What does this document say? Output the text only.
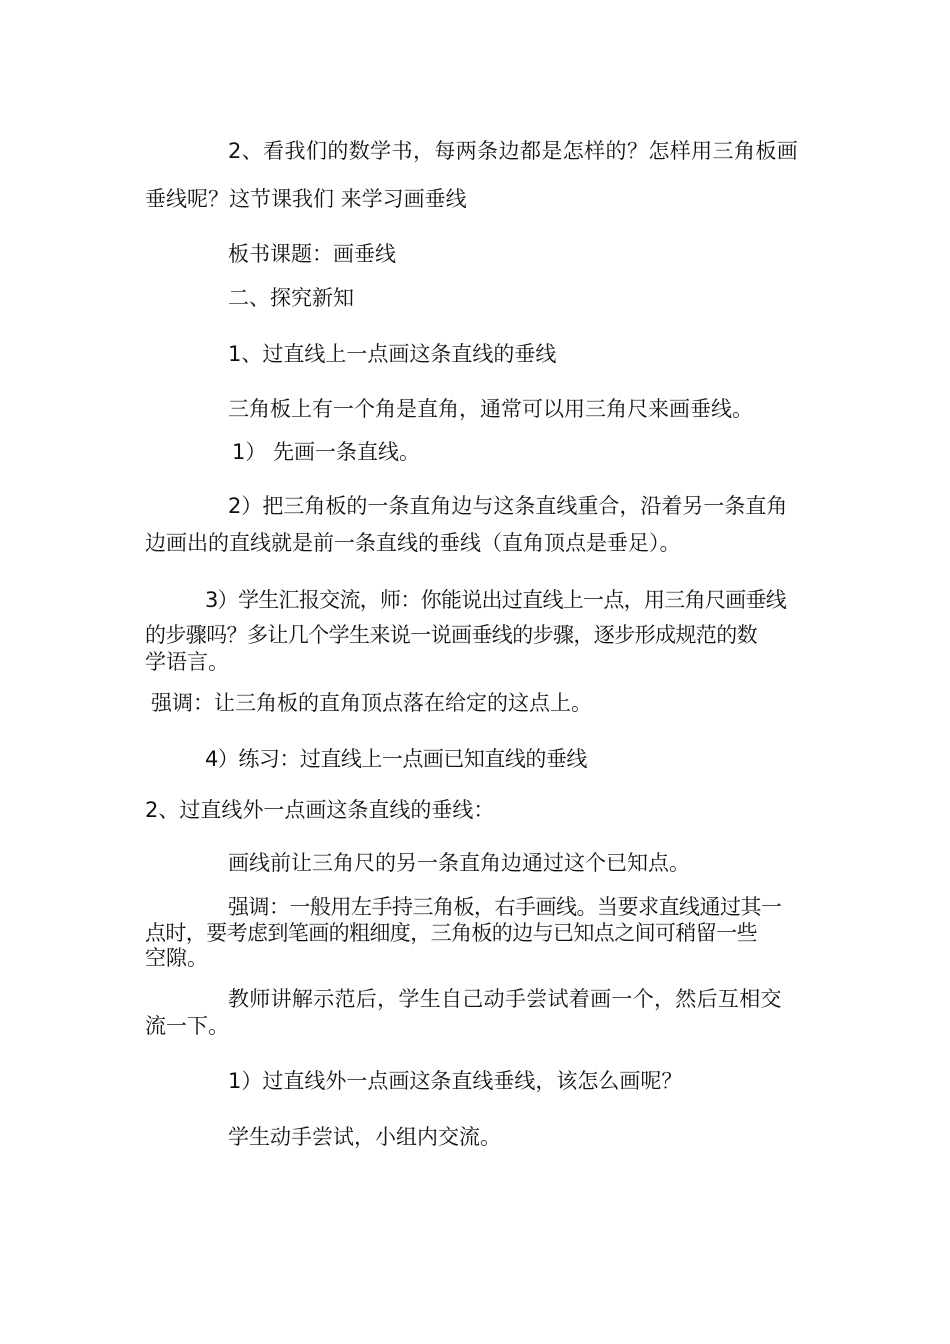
2、看我们的数学书，每两条边都是怎样的？怎样用三角板画

垂线呢？这节课我们 来学习画垂线

板书课题：画垂线

二、探究新知

1、过直线上一点画这条直线的垂线

三角板上有一个角是直角，通常可以用三角尺来画垂线。

1） 先画一条直线。

2）把三角板的一条直角边与这条直线重合，沿着另一条直角

边画出的直线就是前一条直线的垂线（直角顶点是垂足）。

3）学生汇报交流，师：你能说出过直线上一点，用三角尺画垂线

的步骤吗？多让几个学生来说一说画垂线的步骤，逐步形成规范的数

学语言。

强调：让三角板的直角顶点落在给定的这点上。

4）练习：过直线上一点画已知直线的垂线

2、过直线外一点画这条直线的垂线：

画线前让三角尺的另一条直角边通过这个已知点。

强调：一般用左手持三角板，右手画线。当要求直线通过其一

点时，要考虑到笔画的粗细度，三角板的边与已知点之间可稍留一些

空隙。

教师讲解示范后，学生自己动手尝试着画一个，然后互相交

流一下。

1）过直线外一点画这条直线垂线，该怎么画呢？

学生动手尝试，小组内交流。
